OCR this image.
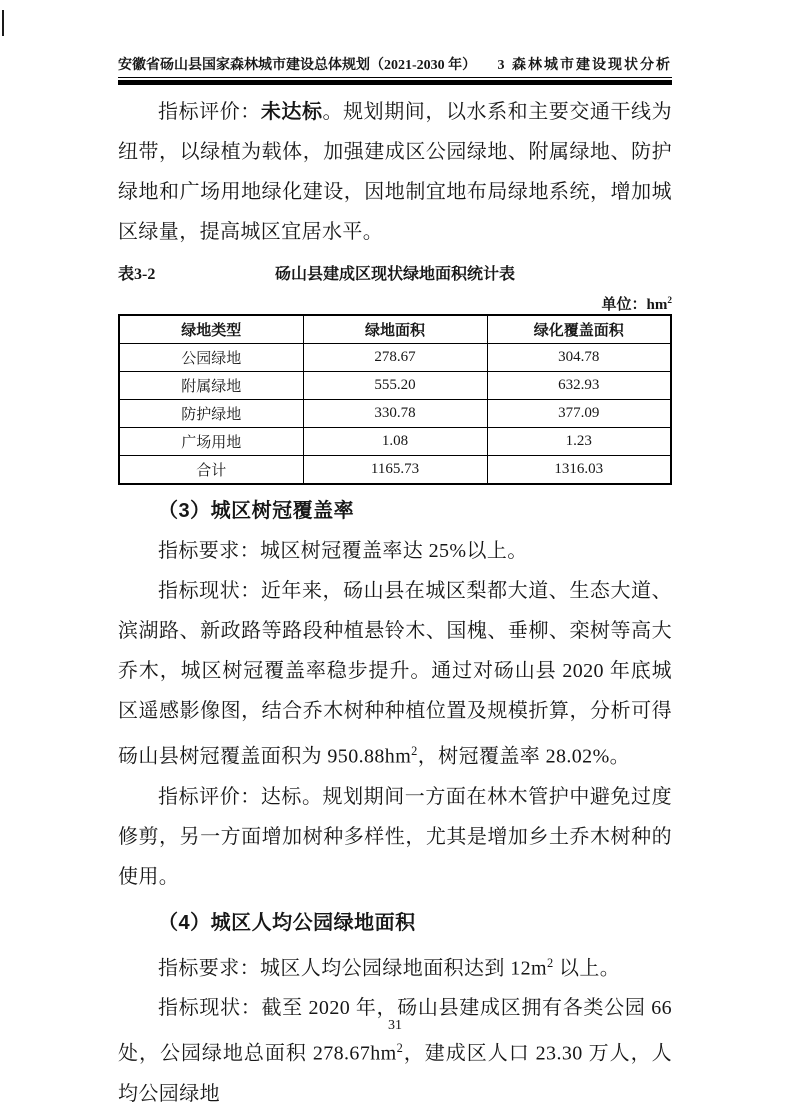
安徽省砀山县国家森林城市建设总体规划（2021-2030 年） 3 森林城市建设现状分析

指标评价：未达标。规划期间，以水系和主要交通干线为纽带，以绿植为载体，加强建成区公园绿地、附属绿地、防护绿地和广场用地绿化建设，因地制宜地布局绿地系统，增加城区绿量，提高城区宜居水平。

表3-2	砀山县建成区现状绿地面积统计表
单位：$hm^2$
绿地类型	绿地面积	绿化覆盖面积
公园绿地	278.67	304.78
附属绿地	555.20	632.93
防护绿地	330.78	377.09
广场用地	1.08	1.23
合计	1165.73	1316.03
（3）城区树冠覆盖率

指标要求：城区树冠覆盖率达 25%以上。

指标现状：近年来，砀山县在城区梨都大道、生态大道、滨湖路、新政路等路段种植悬铃木、国槐、垂柳、栾树等高大乔木，城区树冠覆盖率稳步提升。通过对砀山县 2020 年底城区遥感影像图，结合乔木树种种植位置及规模折算，分析可得砀山县树冠覆盖面积为 $950.88hm^2$，树冠覆盖率 28.02%。

指标评价：达标。规划期间一方面在林木管护中避免过度修剪，另一方面增加树种多样性，尤其是增加乡土乔木树种的使用。

（4）城区人均公园绿地面积

指标要求：城区人均公园绿地面积达到 $12m^2$ 以上。

指标现状：截至 2020 年，砀山县建成区拥有各类公园 66 处，公园绿地总面积 $278.67hm^2$，建成区人口 23.30 万人，人均公园绿地

31
